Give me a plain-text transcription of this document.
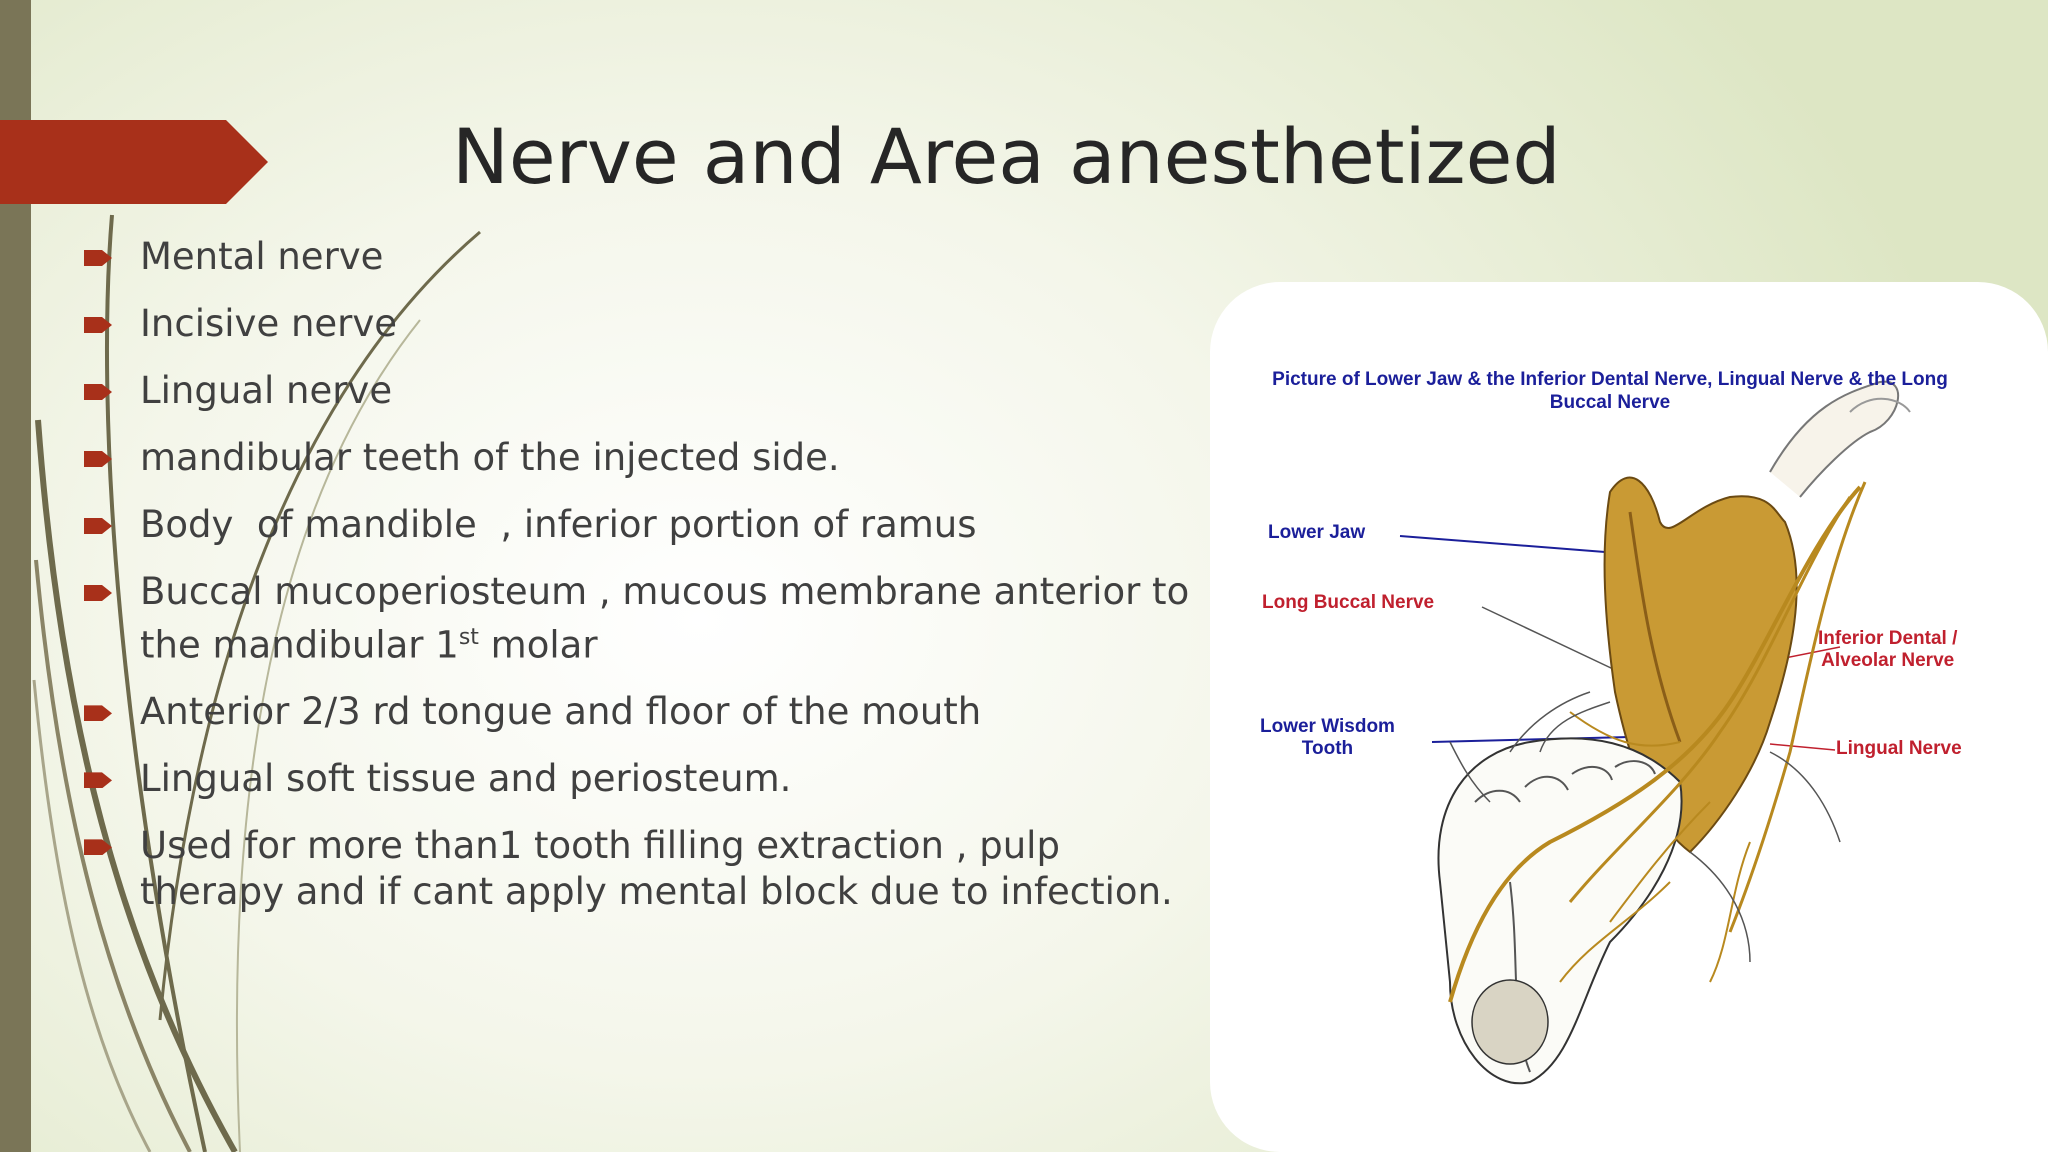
Nerve and Area anesthetized
Mental nerve
Incisive nerve
Lingual nerve
mandibular teeth of the injected side.
Body  of mandible  , inferior portion of ramus
Buccal mucoperiosteum , mucous membrane anterior to the mandibular 1st molar
Anterior 2/3 rd tongue and floor of the mouth
Lingual soft tissue and periosteum.
Used for more than1 tooth filling extraction , pulp therapy and if cant apply mental block due to infection.
Picture of Lower Jaw & the Inferior Dental Nerve, Lingual Nerve & the Long Buccal Nerve
Lower Jaw
Long Buccal Nerve
Lower Wisdom
Tooth
Inferior Dental /
Alveolar Nerve
Lingual Nerve
